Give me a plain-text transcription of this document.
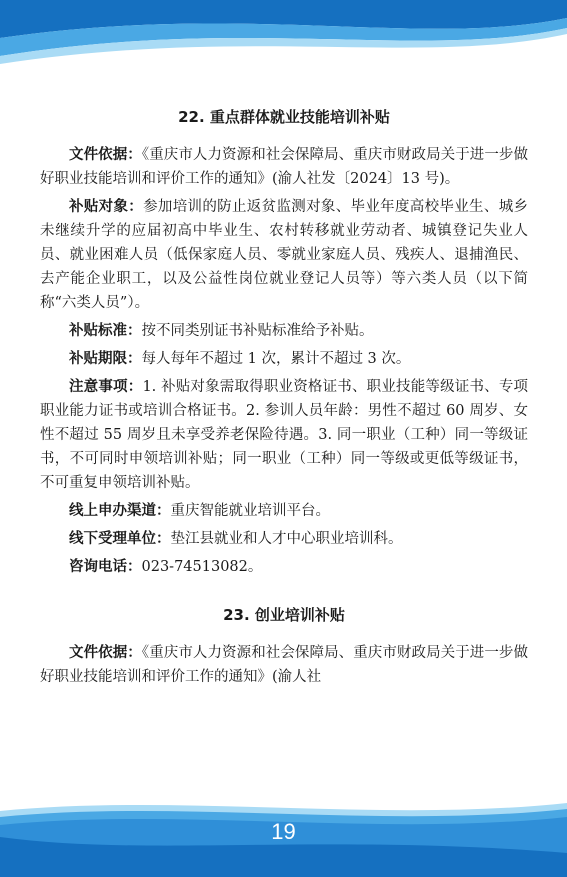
22. 重点群体就业技能培训补贴

文件依据：《重庆市人力资源和社会保障局、重庆市财政局关于进一步做好职业技能培训和评价工作的通知》(渝人社发〔2024〕13 号)。

补贴对象：参加培训的防止返贫监测对象、毕业年度高校毕业生、城乡未继续升学的应届初高中毕业生、农村转移就业劳动者、城镇登记失业人员、就业困难人员（低保家庭人员、零就业家庭人员、残疾人、退捕渔民、去产能企业职工，以及公益性岗位就业登记人员等）等六类人员（以下简称“六类人员”）。

补贴标准：按不同类别证书补贴标准给予补贴。

补贴期限：每人每年不超过 1 次，累计不超过 3 次。

注意事项：1. 补贴对象需取得职业资格证书、职业技能等级证书、专项职业能力证书或培训合格证书。2. 参训人员年龄：男性不超过 60 周岁、女性不超过 55 周岁且未享受养老保险待遇。3. 同一职业（工种）同一等级证书，不可同时申领培训补贴；同一职业（工种）同一等级或更低等级证书，不可重复申领培训补贴。

线上申办渠道：重庆智能就业培训平台。

线下受理单位：垫江县就业和人才中心职业培训科。

咨询电话：023-74513082。

23. 创业培训补贴

文件依据：《重庆市人力资源和社会保障局、重庆市财政局关于进一步做好职业技能培训和评价工作的通知》(渝人社

19
